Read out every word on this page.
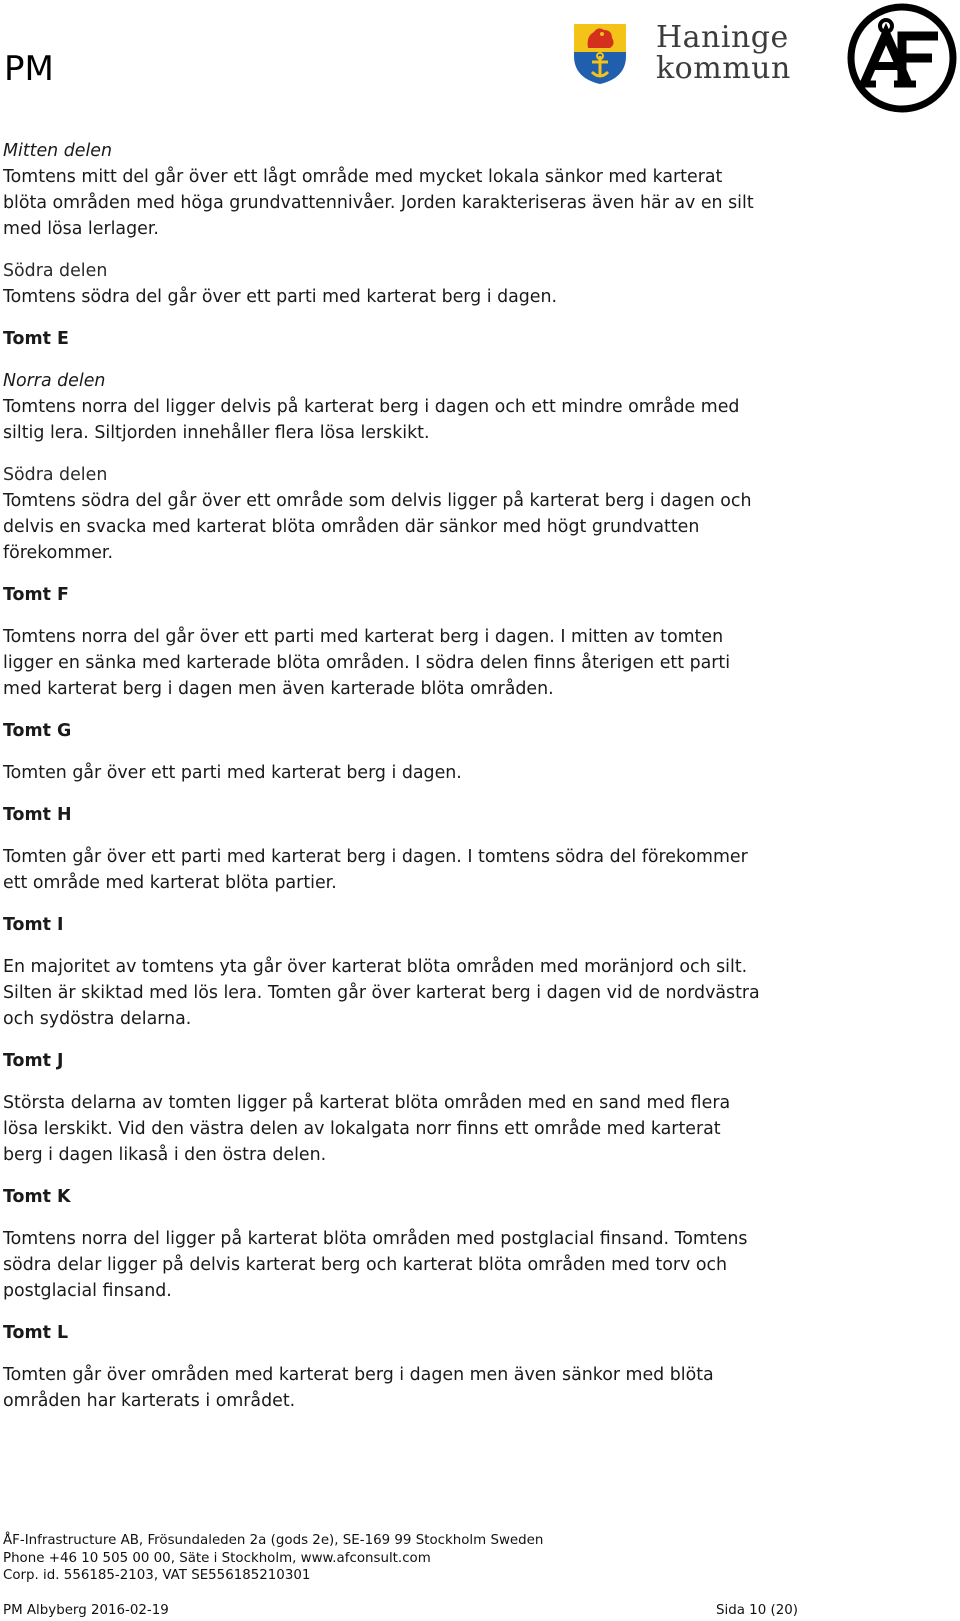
PM
Haninge
kommun

Mitten delen

Tomtens mitt del går över ett lågt område med mycket lokala sänkor med karterat

blöta områden med höga grundvattennivåer. Jorden karakteriseras även här av en silt

med lösa lerlager.

Södra delen

Tomtens södra del går över ett parti med karterat berg i dagen.

Tomt E

Norra delen

Tomtens norra del ligger delvis på karterat berg i dagen och ett mindre område med

siltig lera. Siltjorden innehåller flera lösa lerskikt.

Södra delen

Tomtens södra del går över ett område som delvis ligger på karterat berg i dagen och

delvis en svacka med karterat blöta områden där sänkor med högt grundvatten

förekommer.

Tomt F

Tomtens norra del går över ett parti med karterat berg i dagen. I mitten av tomten

ligger en sänka med karterade blöta områden. I södra delen finns återigen ett parti

med karterat berg i dagen men även karterade blöta områden.

Tomt G

Tomten går över ett parti med karterat berg i dagen.

Tomt H

Tomten går över ett parti med karterat berg i dagen. I tomtens södra del förekommer

ett område med karterat blöta partier.

Tomt I

En majoritet av tomtens yta går över karterat blöta områden med moränjord och silt.

Silten är skiktad med lös lera. Tomten går över karterat berg i dagen vid de nordvästra

och sydöstra delarna.

Tomt J

Största delarna av tomten ligger på karterat blöta områden med en sand med flera

lösa lerskikt. Vid den västra delen av lokalgata norr finns ett område med karterat

berg i dagen likaså i den östra delen.

Tomt K

Tomtens norra del ligger på karterat blöta områden med postglacial finsand. Tomtens

södra delar ligger på delvis karterat berg och karterat blöta områden med torv och

postglacial finsand.

Tomt L

Tomten går över områden med karterat berg i dagen men även sänkor med blöta

områden har karterats i området.

ÅF-Infrastructure AB, Frösundaleden 2a (gods 2e), SE-169 99 Stockholm Sweden
Phone +46 10 505 00 00, Säte i Stockholm, www.afconsult.com
Corp. id. 556185-2103, VAT SE556185210301
PM Albyberg 2016-02-19	Sida 10 (20)
